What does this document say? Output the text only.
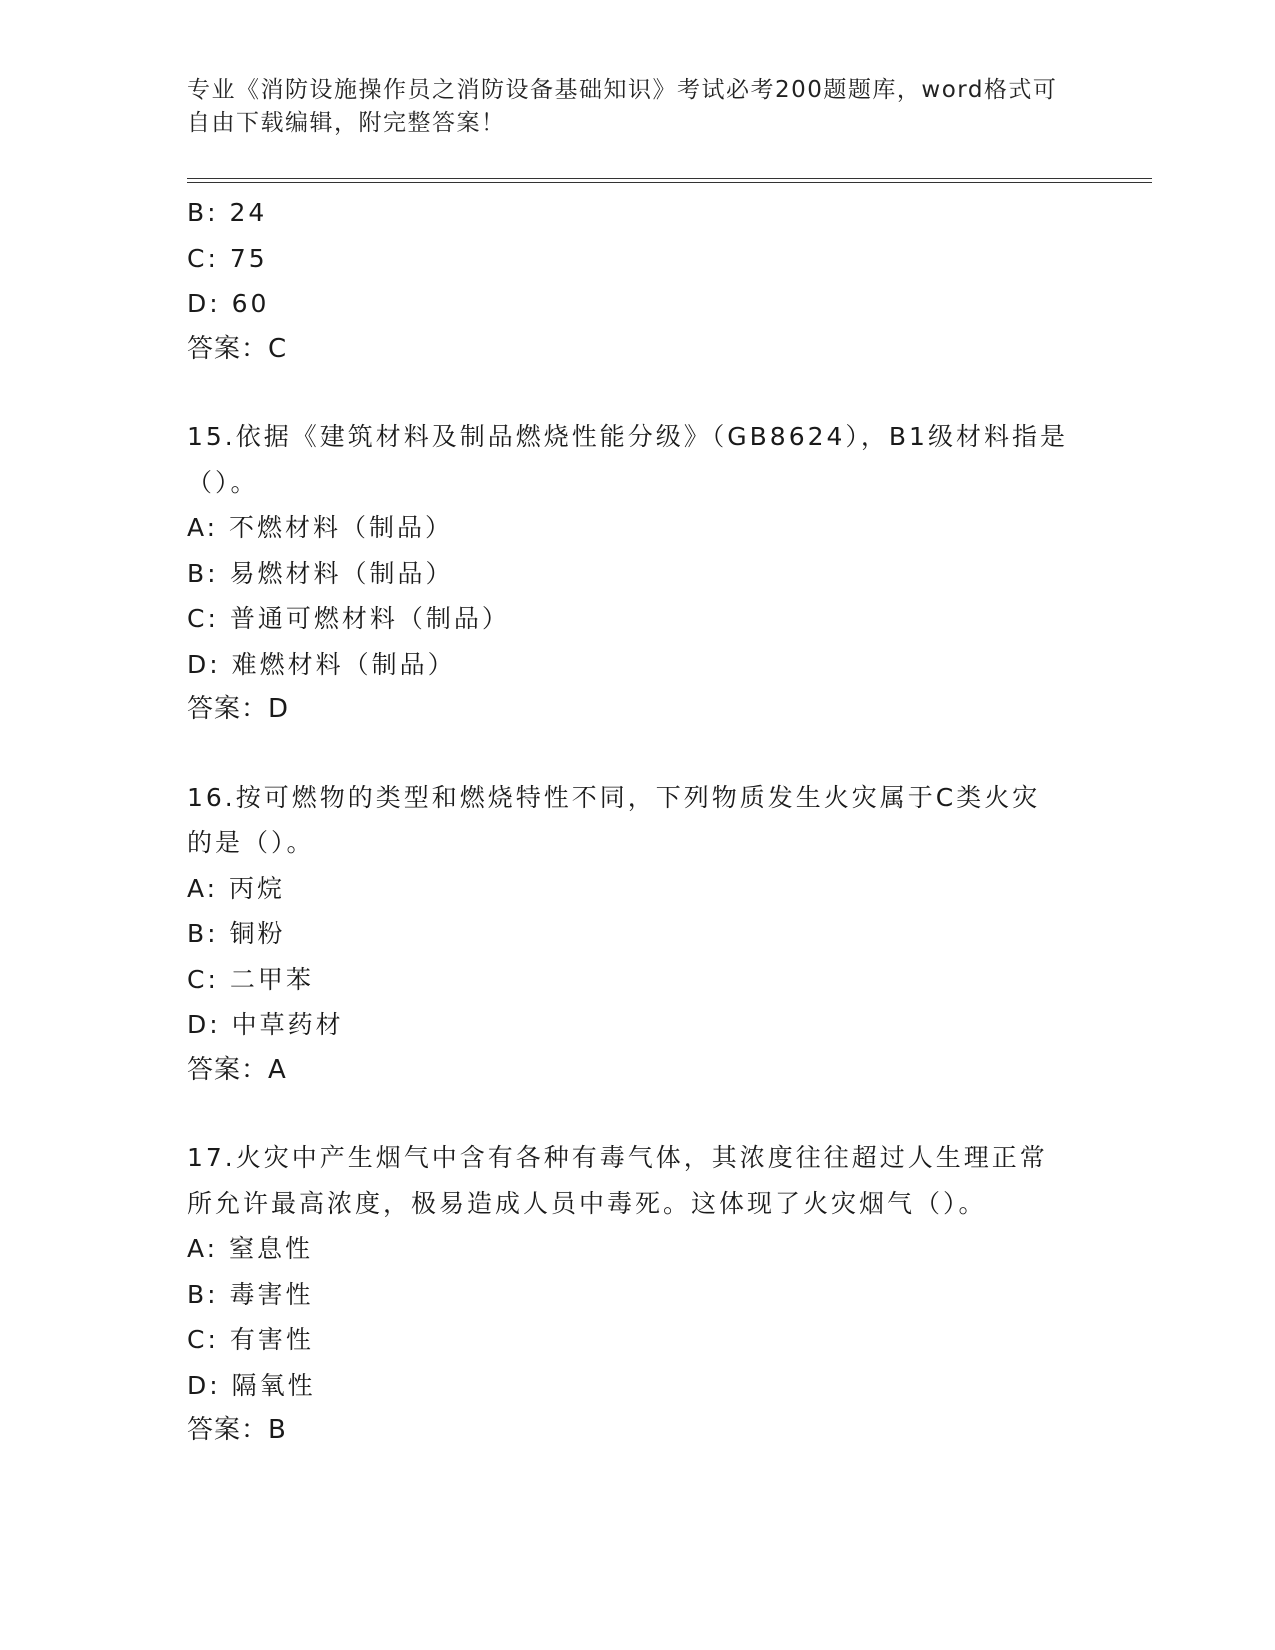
专业《消防设施操作员之消防设备基础知识》考试必考200题题库，word格式可
自由下载编辑，附完整答案！
B: 24
C: 75
D: 60
答案：C
15.依据《建筑材料及制品燃烧性能分级》（GB8624），B1级材料指是
（）。
A: 不燃材料（制品）
B: 易燃材料（制品）
C: 普通可燃材料（制品）
D: 难燃材料（制品）
答案：D
16.按可燃物的类型和燃烧特性不同，下列物质发生火灾属于C类火灾
的是（）。
A: 丙烷
B: 铜粉
C: 二甲苯
D: 中草药材
答案：A
17.火灾中产生烟气中含有各种有毒气体，其浓度往往超过人生理正常
所允许最高浓度，极易造成人员中毒死。这体现了火灾烟气（）。
A: 窒息性
B: 毒害性
C: 有害性
D: 隔氧性
答案：B
